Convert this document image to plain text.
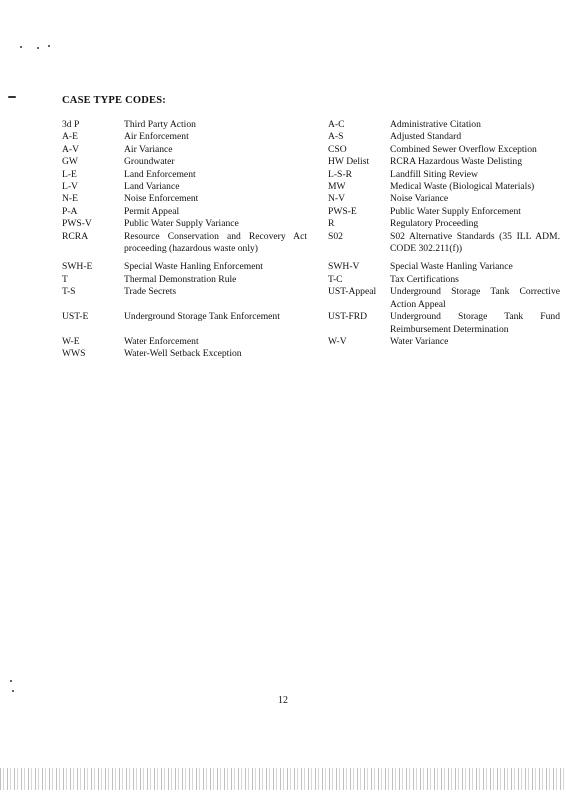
CASE TYPE CODES:
3d P	Third Party Action
A-E	Air Enforcement
A-V	Air Variance
GW	Groundwater
L-E	Land Enforcement
L-V	Land Variance
N-E	Noise Enforcement
P-A	Permit Appeal
PWS-V	Public Water Supply Variance
RCRA	Resource Conservation and Recovery Act proceeding (hazardous waste only)
SWH-E	Special Waste Hanling Enforcement
T	Thermal Demonstration Rule
T-S	Trade Secrets
UST-E	Underground Storage Tank Enforcement
W-E	Water Enforcement
WWS	Water-Well Setback Exception
A-C	Administrative Citation
A-S	Adjusted Standard
CSO	Combined Sewer Overflow Exception
HW Delist	RCRA Hazardous Waste Delisting
L-S-R	Landfill Siting Review
MW	Medical Waste (Biological Materials)
N-V	Noise Variance
PWS-E	Public Water Supply Enforcement
R	Regulatory Proceeding
S02	S02 Alternative Standards (35 ILL ADM. CODE 302.211(f))
SWH-V	Special Waste Hanling Variance
T-C	Tax Certifications
UST-Appeal	Underground Storage Tank Corrective Action Appeal
UST-FRD	Underground Storage Tank Fund Reimbursement Determination
W-V	Water Variance
12
